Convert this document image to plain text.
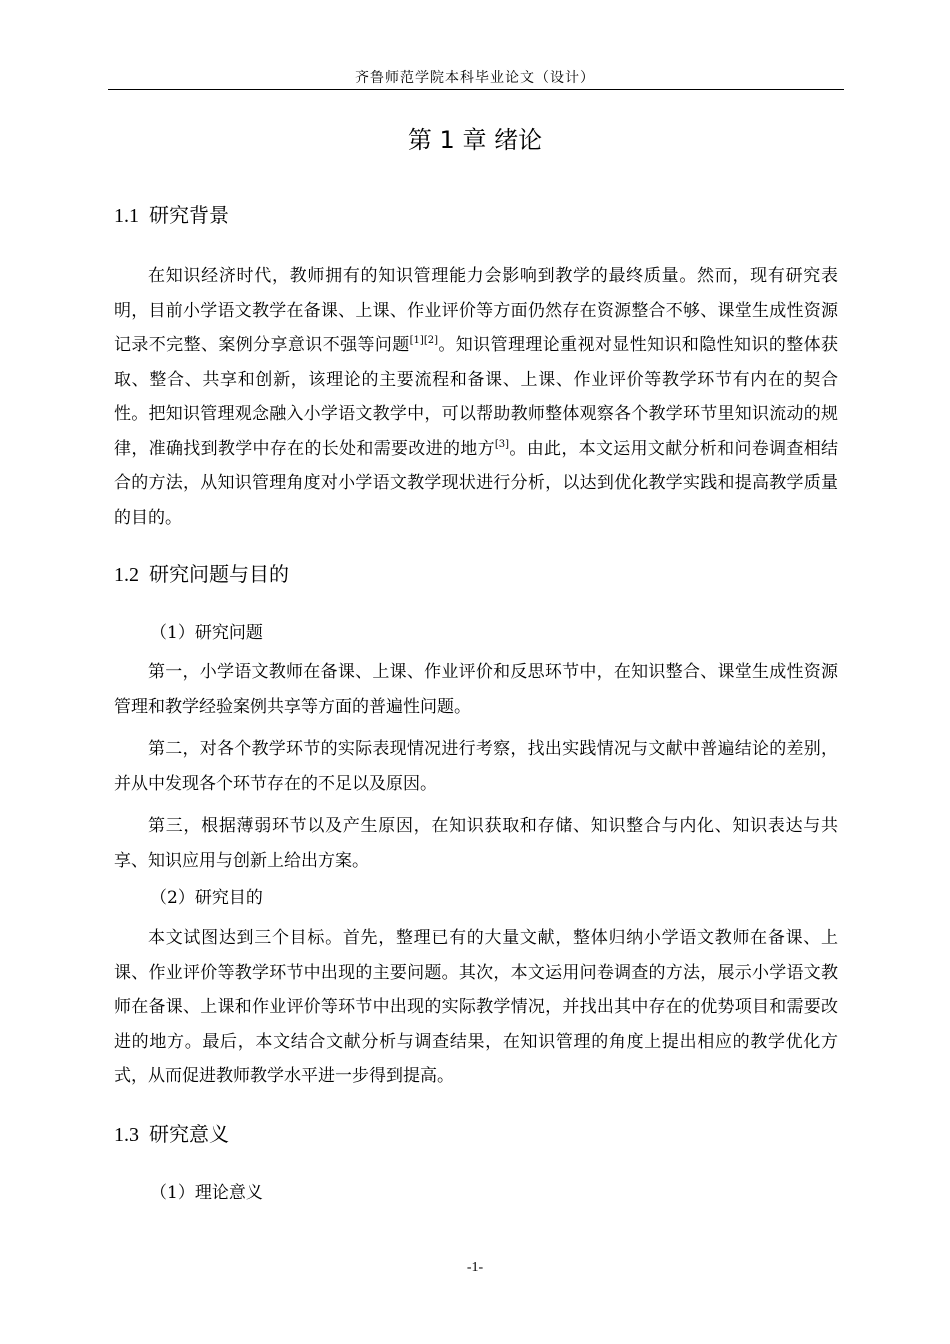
齐鲁师范学院本科毕业论文（设计）
第 1 章 绪论
1.1 研究背景

在知识经济时代，教师拥有的知识管理能力会影响到教学的最终质量。然而，现有研究表明，目前小学语文教学在备课、上课、作业评价等方面仍然存在资源整合不够、课堂生成性资源记录不完整、案例分享意识不强等问题[1][2]。知识管理理论重视对显性知识和隐性知识的整体获取、整合、共享和创新，该理论的主要流程和备课、上课、作业评价等教学环节有内在的契合性。把知识管理观念融入小学语文教学中，可以帮助教师整体观察各个教学环节里知识流动的规律，准确找到教学中存在的长处和需要改进的地方[3]。由此，本文运用文献分析和问卷调查相结合的方法，从知识管理角度对小学语文教学现状进行分析，以达到优化教学实践和提高教学质量的目的。

1.2 研究问题与目的
（1）研究问题

第一，小学语文教师在备课、上课、作业评价和反思环节中，在知识整合、课堂生成性资源管理和教学经验案例共享等方面的普遍性问题。

第二，对各个教学环节的实际表现情况进行考察，找出实践情况与文献中普遍结论的差别，并从中发现各个环节存在的不足以及原因。

第三，根据薄弱环节以及产生原因，在知识获取和存储、知识整合与内化、知识表达与共享、知识应用与创新上给出方案。

（2）研究目的

本文试图达到三个目标。首先，整理已有的大量文献，整体归纳小学语文教师在备课、上课、作业评价等教学环节中出现的主要问题。其次，本文运用问卷调查的方法，展示小学语文教师在备课、上课和作业评价等环节中出现的实际教学情况，并找出其中存在的优势项目和需要改进的地方。最后，本文结合文献分析与调查结果，在知识管理的角度上提出相应的教学优化方式，从而促进教师教学水平进一步得到提高。

1.3 研究意义
（1）理论意义
-1-
